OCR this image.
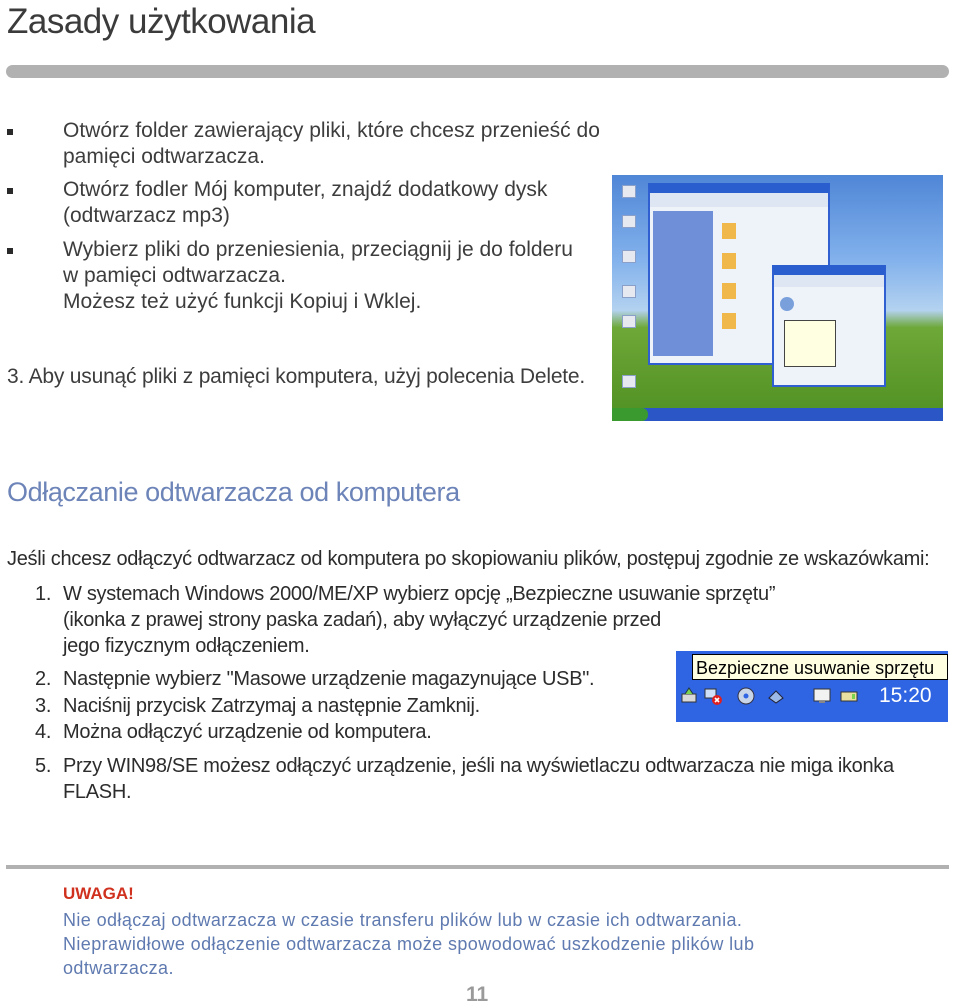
Zasady użytkowania
Otwórz folder zawierający pliki, które chcesz przenieść do
pamięci odtwarzacza.
Otwórz fodler Mój komputer, znajdź dodatkowy dysk
(odtwarzacz mp3)
Wybierz pliki do przeniesienia, przeciągnij je do folderu
w pamięci odtwarzacza.
Możesz też użyć funkcji Kopiuj i Wklej.
3. Aby usunąć pliki z pamięci komputera, użyj polecenia Delete.
Odłączanie odtwarzacza od komputera
Jeśli chcesz odłączyć odtwarzacz od komputera po skopiowaniu plików, postępuj zgodnie ze wskazówkami:
1. W systemach Windows 2000/ME/XP wybierz opcję „Bezpieczne usuwanie sprzętu”
(ikonka z prawej strony paska zadań), aby wyłączyć urządzenie przed
jego fizycznym odłączeniem.
2. Następnie wybierz "Masowe urządzenie magazynujące USB".
3. Naciśnij przycisk Zatrzymaj a następnie Zamknij.
4. Można odłączyć urządzenie od komputera.
5. Przy WIN98/SE możesz odłączyć urządzenie, jeśli na wyświetlaczu odtwarzacza nie miga ikonka
FLASH.
Bezpieczne usuwanie sprzętu
15:20
UWAGA!
Nie odłączaj odtwarzacza w czasie transferu plików lub w czasie ich odtwarzania.
Nieprawidłowe odłączenie odtwarzacza może spowodować uszkodzenie plików lub
odtwarzacza.
11
